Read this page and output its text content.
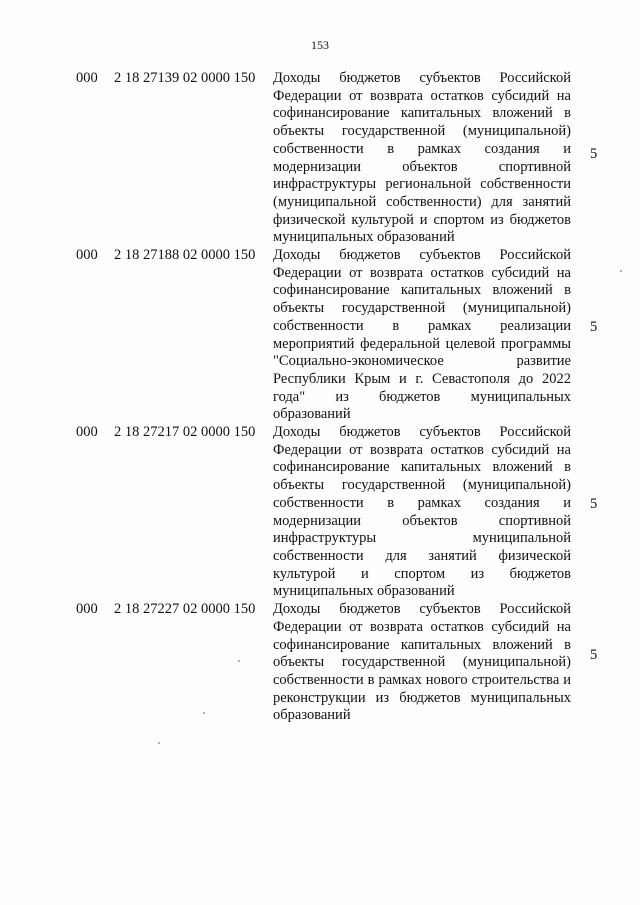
153
000 2 18 27139 02 0000 150 Доходы бюджетов субъектов Российской Федерации от возврата остатков субсидий на софинансирование капитальных вложений в объекты государственной (муниципальной) собственности в рамках создания и модернизации объектов спортивной инфраструктуры региональной собственности (муниципальной собственности) для занятий физической культурой и спортом из бюджетов муниципальных образований
5
000 2 18 27188 02 0000 150 Доходы бюджетов субъектов Российской Федерации от возврата остатков субсидий на софинансирование капитальных вложений в объекты государственной (муниципальной) собственности в рамках реализации мероприятий федеральной целевой программы "Социально-экономическое развитие Республики Крым и г. Севастополя до 2022 года" из бюджетов муниципальных образований
5
000 2 18 27217 02 0000 150 Доходы бюджетов субъектов Российской Федерации от возврата остатков субсидий на софинансирование капитальных вложений в объекты государственной (муниципальной) собственности в рамках создания и модернизации объектов спортивной инфраструктуры муниципальной собственности для занятий физической культурой и спортом из бюджетов муниципальных образований
5
000 2 18 27227 02 0000 150 Доходы бюджетов субъектов Российской Федерации от возврата остатков субсидий на софинансирование капитальных вложений в объекты государственной (муниципальной) собственности в рамках нового строительства и реконструкции из бюджетов муниципальных образований
5
